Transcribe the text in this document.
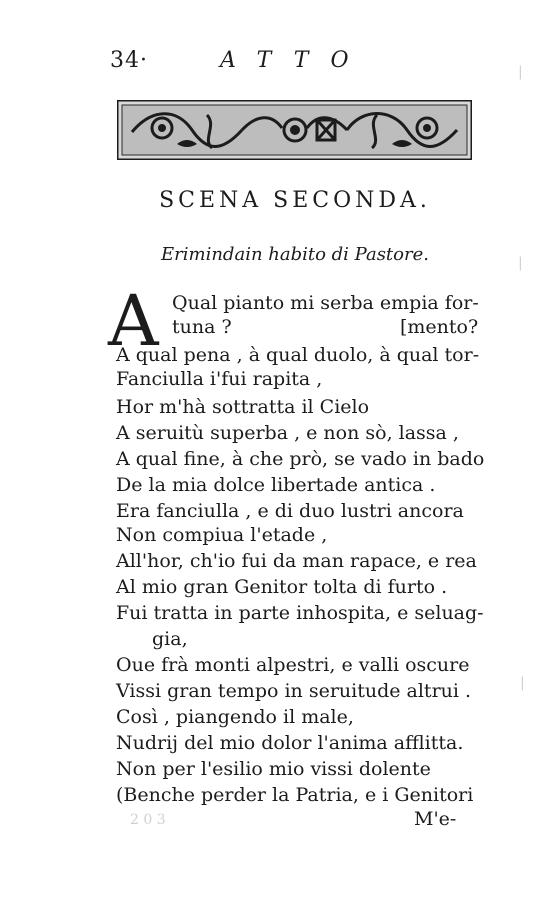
34·	ATTO
SCENA SECONDA.
Erimindain habito di Pastore.
A Qual pianto mi serba empia for-
tuna ?	[mento?
A qual pena , à qual duolo, à qual tor-
Fanciulla i'fui rapita ,
Hor m'hà sottratta il Cielo
A seruitù superba , e non sò, lassa ,
A qual fine, à che prò, se vado in bado
De la mia dolce libertade antica .
Era fanciulla , e di duo lustri ancora
Non compiua l'etade ,
All'hor, ch'io fui da man rapace, e rea
Al mio gran Genitor tolta di furto .
Fui tratta in parte inhospita, e seluag-
gia,
Oue frà monti alpestri, e valli oscure
Vissi gran tempo in seruitude altrui .
Così , piangendo il male,
Nudrij del mio dolor l'anima afflitta.
Non per l'esilio mio vissi dolente
(Benche perder la Patria, e i Genitori
2 0 3	M'e-
|
|
|
